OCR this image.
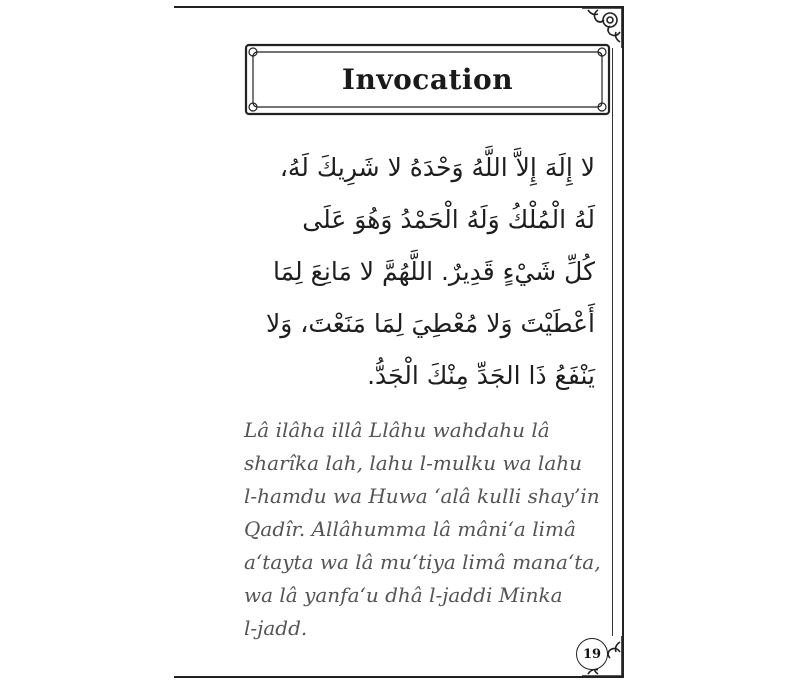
19
Invocation
لا إِلَهَ إِلاَّ اللَّهُ وَحْدَهُ لا شَرِيكَ لَهُ،
لَهُ الْمُلْكُ وَلَهُ الْحَمْدُ وَهُوَ عَلَى
كُلِّ شَيْءٍ قَدِيرٌ. اللَّهُمَّ لا مَانِعَ لِمَا
أَعْطَيْتَ وَلا مُعْطِيَ لِمَا مَنَعْتَ، وَلا
يَنْفَعُ ذَا الجَدِّ مِنْكَ الْجَدُّ.
Lâ ilâha illâ Llâhu wahdahu lâ
sharîka lah, lahu l-mulku wa lahu
l-hamdu wa Huwa ‘alâ kulli shay’in
Qadîr. Allâhumma lâ mâni‘a limâ
a‘tayta wa lâ mu‘tiya limâ mana‘ta,
wa lâ yanfa‘u dhâ l-jaddi Minka
l-jadd.
